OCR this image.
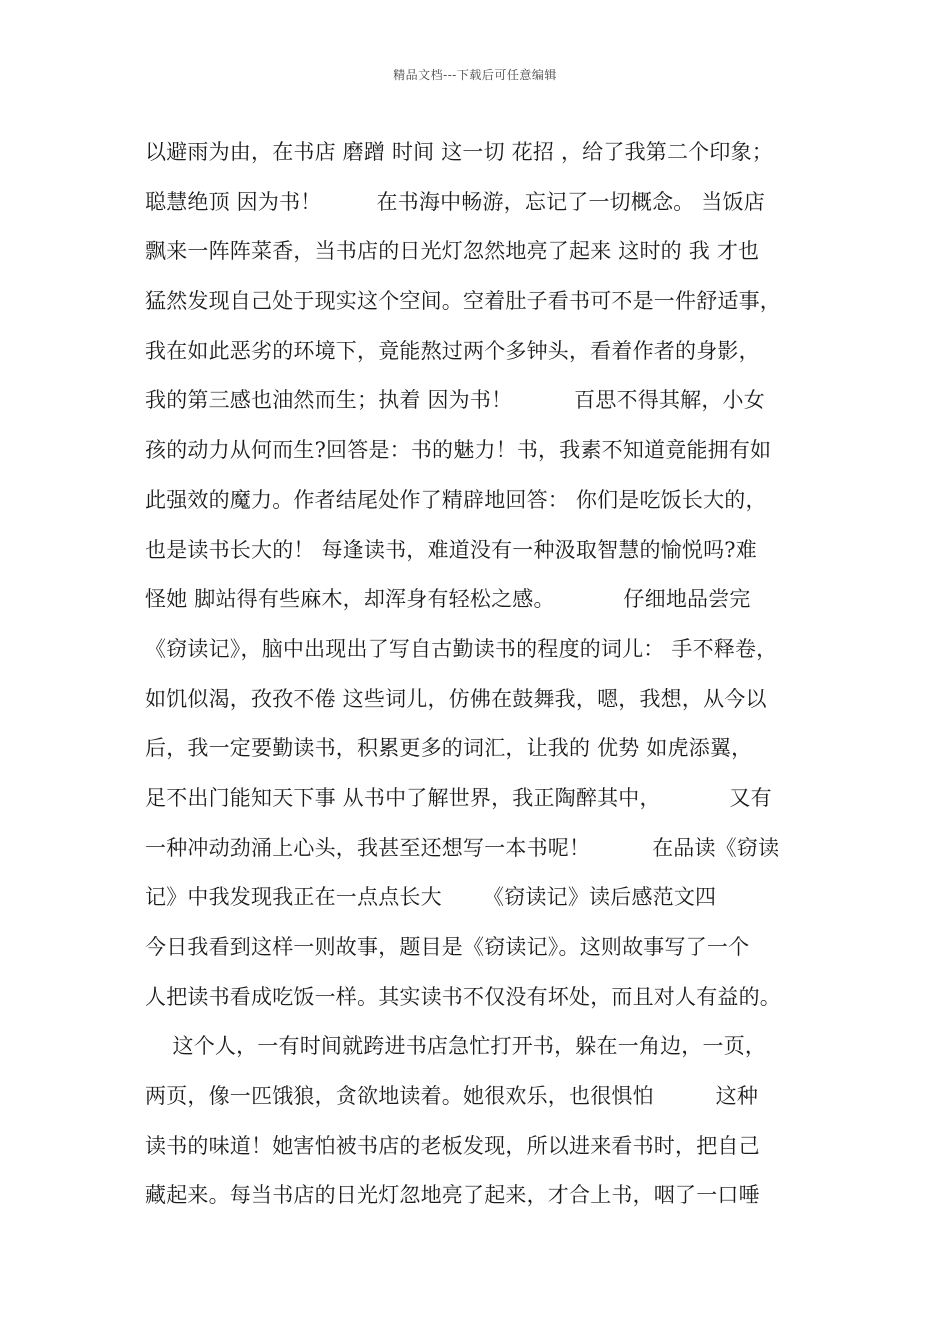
精品文档---下载后可任意编辑
以避雨为由，在书店 磨蹭 时间 这一切 花招 ，给了我第二个印象；
聪慧绝顶 因为书！        在书海中畅游，忘记了一切概念。 当饭店
飘来一阵阵菜香，当书店的日光灯忽然地亮了起来 这时的 我 才也
猛然发现自己处于现实这个空间。空着肚子看书可不是一件舒适事，
我在如此恶劣的环境下，竟能熬过两个多钟头，看着作者的身影，
我的第三感也油然而生；执着 因为书！         百思不得其解，小女
孩的动力从何而生?回答是：书的魅力！书，我素不知道竟能拥有如
此强效的魔力。作者结尾处作了精辟地回答： 你们是吃饭长大的，
也是读书长大的！ 每逢读书，难道没有一种汲取智慧的愉悦吗?难
怪她 脚站得有些麻木，却浑身有轻松之感。          仔细地品尝完
《窃读记》，脑中出现出了写自古勤读书的程度的词儿： 手不释卷，
如饥似渴，孜孜不倦 这些词儿，仿佛在鼓舞我，嗯，我想，从今以
后，我一定要勤读书，积累更多的词汇，让我的 优势 如虎添翼，
足不出门能知天下事 从书中了解世界，我正陶醉其中，          又有
一种冲动劲涌上心头，我甚至还想写一本书呢！         在品读《窃读
记》中我发现我正在一点点长大      《窃读记》读后感范文四
今日我看到这样一则故事，题目是《窃读记》。这则故事写了一个
人把读书看成吃饭一样。其实读书不仅没有坏处，而且对人有益的。
这个人，一有时间就跨进书店急忙打开书，躲在一角边，一页，
两页，像一匹饿狼，贪欲地读着。她很欢乐，也很惧怕         这种
读书的味道！她害怕被书店的老板发现，所以进来看书时，把自己
藏起来。每当书店的日光灯忽地亮了起来，才合上书，咽了一口唾
